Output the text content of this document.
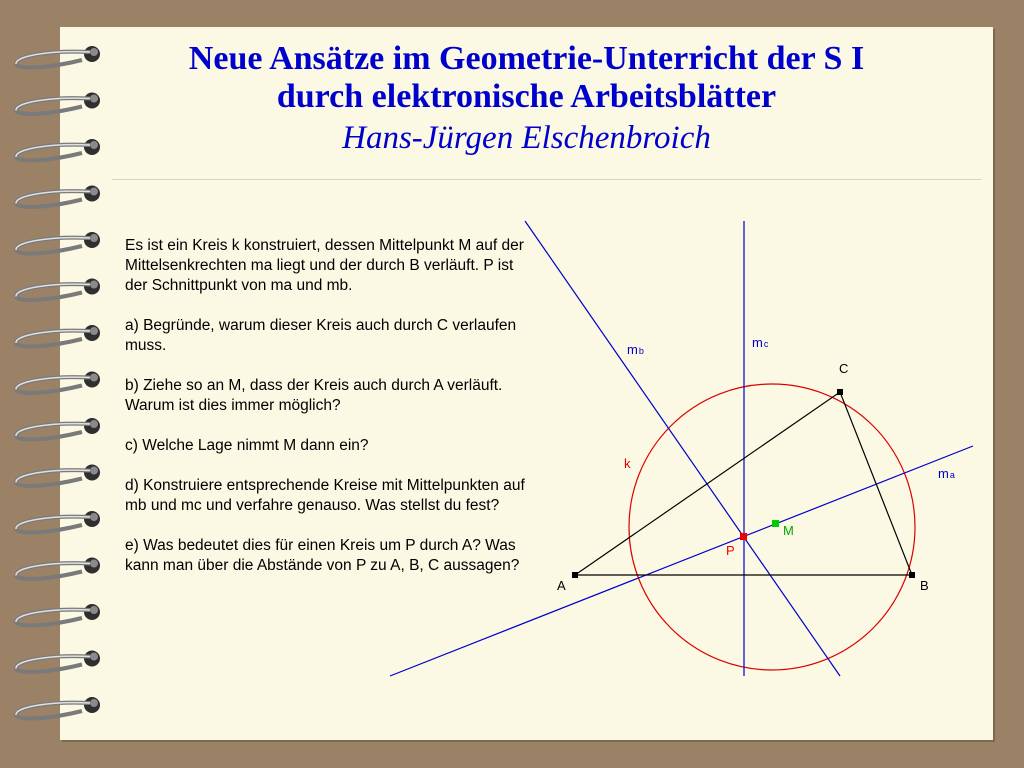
Neue Ansätze im Geometrie-Unterricht der S I
durch elektronische Arbeitsblätter
Hans-Jürgen Elschenbroich

Es ist ein Kreis k konstruiert, dessen Mittelpunkt M auf der Mittelsenkrechten ma liegt und der durch B verläuft. P ist der Schnittpunkt von ma und mb.

a) Begründe, warum dieser Kreis auch durch C verlaufen muss.

b) Ziehe so an M, dass der Kreis auch durch A verläuft. Warum ist dies immer möglich?

c) Welche Lage nimmt M dann ein?

d) Konstruiere entsprechende Kreise mit Mittelpunkten auf mb und mc und verfahre genauso. Was stellst du fest?

e) Was bedeutet dies für einen Kreis um P durch A? Was kann man über die Abstände von P zu A, B, C aussagen?

A	B
C
P
M
k
mb
mc
ma
